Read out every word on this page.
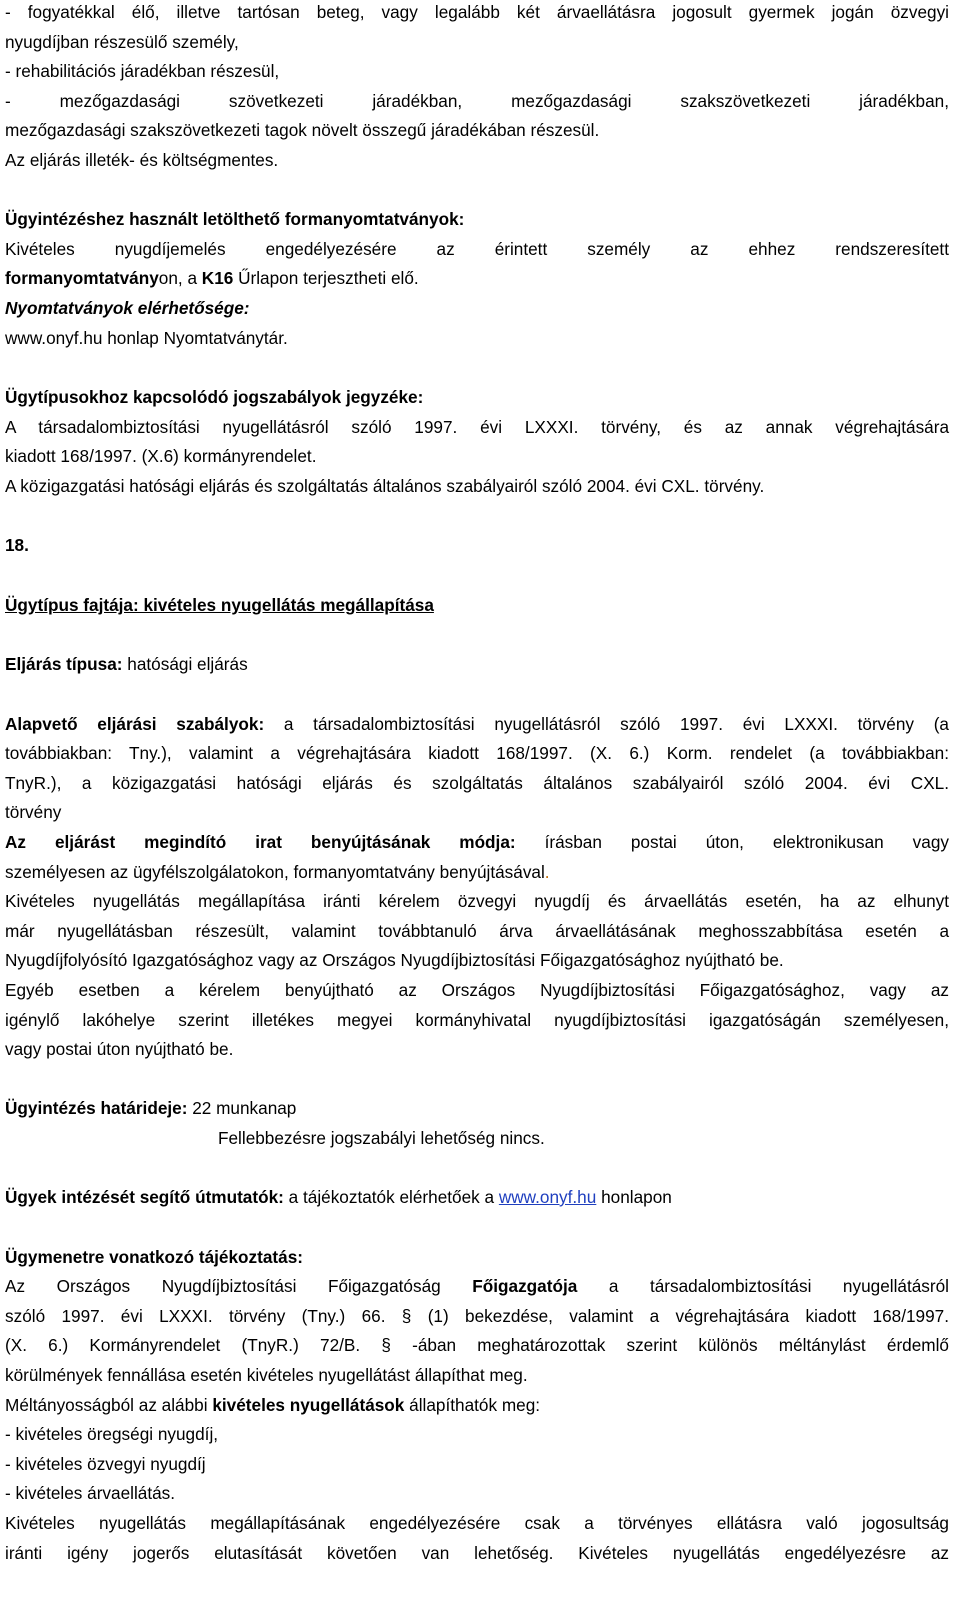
- fogyatékkal élő, illetve tartósan beteg, vagy legalább két árvaellátásra jogosult gyermek jogán özvegyi
nyugdíjban részesülő személy,
- rehabilitációs járadékban részesül,
- mezőgazdasági szövetkezeti járadékban, mezőgazdasági szakszövetkezeti járadékban,
mezőgazdasági szakszövetkezeti tagok növelt összegű járadékában részesül.
Az eljárás illeték- és költségmentes.
Ügyintézéshez használt letölthető formanyomtatványok:
Kivételes nyugdíjemelés engedélyezésére az érintett személy az ehhez rendszeresített
formanyomtatványon, a K16 Űrlapon terjesztheti elő.
Nyomtatványok elérhetősége:
www.onyf.hu honlap Nyomtatványtár.
Ügytípusokhoz kapcsolódó jogszabályok jegyzéke:
A társadalombiztosítási nyugellátásról szóló 1997. évi LXXXI. törvény, és az annak végrehajtására
kiadott 168/1997. (X.6) kormányrendelet.
A közigazgatási hatósági eljárás és szolgáltatás általános szabályairól szóló 2004. évi CXL. törvény.
18.
Ügytípus fajtája: kivételes nyugellátás megállapítása
Eljárás típusa: hatósági eljárás
Alapvető eljárási szabályok: a társadalombiztosítási nyugellátásról szóló 1997. évi LXXXI. törvény (a
továbbiakban: Tny.), valamint a végrehajtására kiadott 168/1997. (X. 6.) Korm. rendelet (a továbbiakban:
TnyR.), a közigazgatási hatósági eljárás és szolgáltatás általános szabályairól szóló 2004. évi CXL.
törvény
Az eljárást megindító irat benyújtásának módja: írásban postai úton, elektronikusan vagy
személyesen az ügyfélszolgálatokon, formanyomtatvány benyújtásával.
Kivételes nyugellátás megállapítása iránti kérelem özvegyi nyugdíj és árvaellátás esetén, ha az elhunyt
már nyugellátásban részesült, valamint továbbtanuló árva árvaellátásának meghosszabbítása esetén a
Nyugdíjfolyósító Igazgatósághoz vagy az Országos Nyugdíjbiztosítási Főigazgatósághoz nyújtható be.
Egyéb esetben a kérelem benyújtható az Országos Nyugdíjbiztosítási Főigazgatósághoz, vagy az
igénylő lakóhelye szerint illetékes megyei kormányhivatal nyugdíjbiztosítási igazgatóságán személyesen,
vagy postai úton nyújtható be.
Ügyintézés határideje: 22 munkanap
Fellebbezésre jogszabályi lehetőség nincs.
Ügyek intézését segítő útmutatók: a tájékoztatók elérhetőek a www.onyf.hu honlapon
Ügymenetre vonatkozó tájékoztatás:
Az Országos Nyugdíjbiztosítási Főigazgatóság Főigazgatója a társadalombiztosítási nyugellátásról
szóló 1997. évi LXXXI. törvény (Tny.) 66. § (1) bekezdése, valamint a végrehajtására kiadott 168/1997.
(X. 6.) Kormányrendelet (TnyR.) 72/B. § -ában meghatározottak szerint különös méltánylást érdemlő
körülmények fennállása esetén kivételes nyugellátást állapíthat meg.
Méltányosságból az alábbi kivételes nyugellátások állapíthatók meg:
- kivételes öregségi nyugdíj,
- kivételes özvegyi nyugdíj
- kivételes árvaellátás.
Kivételes nyugellátás megállapításának engedélyezésére csak a törvényes ellátásra való jogosultság
iránti igény jogerős elutasítását követően van lehetőség. Kivételes nyugellátás engedélyezésre az
